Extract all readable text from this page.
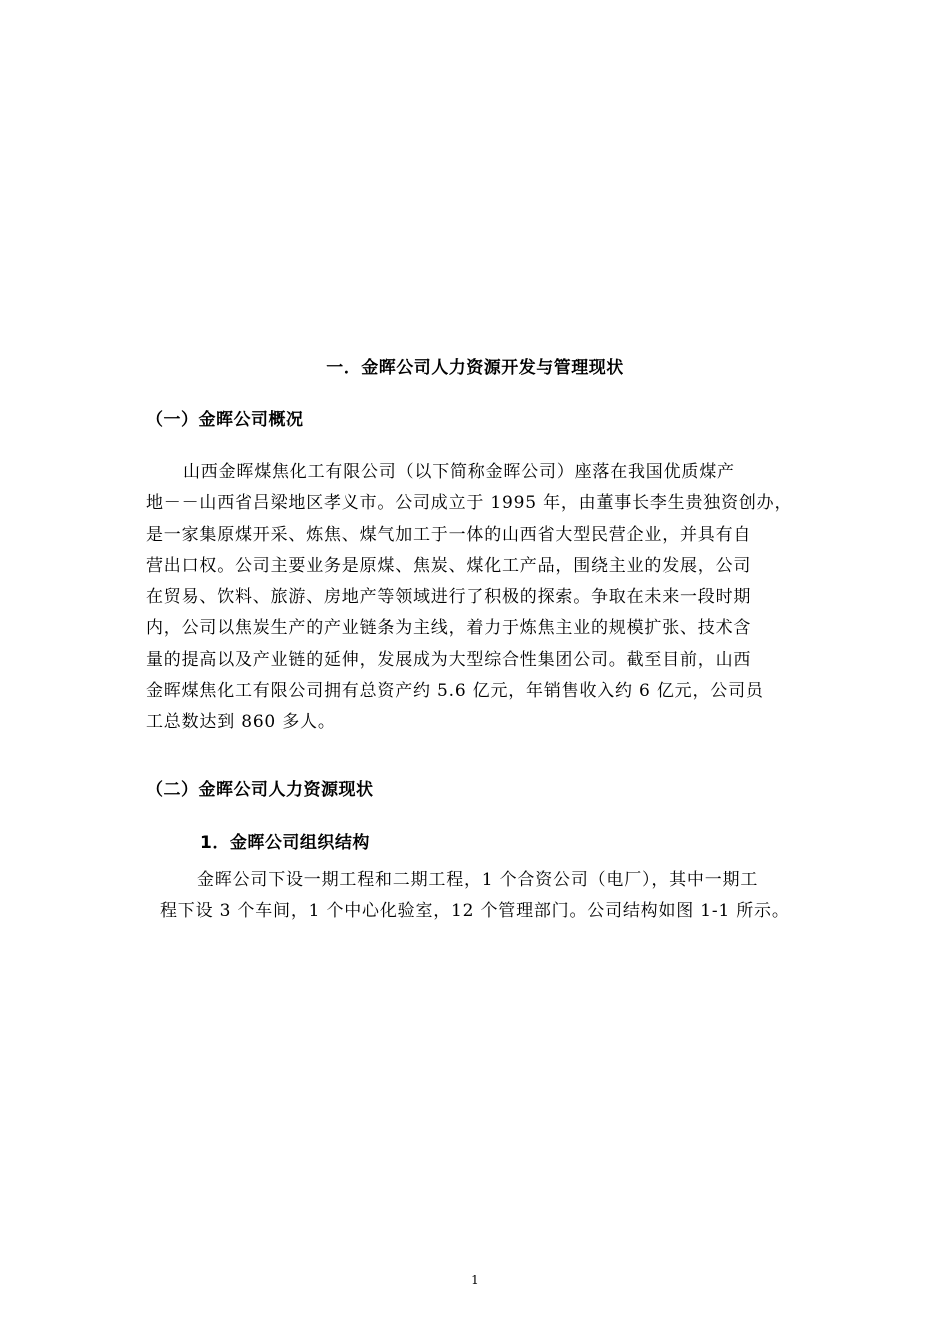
一．金晖公司人力资源开发与管理现状
（一）金晖公司概况
山西金晖煤焦化工有限公司（以下简称金晖公司）座落在我国优质煤产
地－－山西省吕梁地区孝义市。公司成立于 1995 年，由董事长李生贵独资创办，
是一家集原煤开采、炼焦、煤气加工于一体的山西省大型民营企业，并具有自
营出口权。公司主要业务是原煤、焦炭、煤化工产品，围绕主业的发展，公司
在贸易、饮料、旅游、房地产等领域进行了积极的探索。争取在未来一段时期
内，公司以焦炭生产的产业链条为主线，着力于炼焦主业的规模扩张、技术含
量的提高以及产业链的延伸，发展成为大型综合性集团公司。截至目前，山西
金晖煤焦化工有限公司拥有总资产约 5.6 亿元，年销售收入约 6 亿元，公司员
工总数达到 860 多人。
（二）金晖公司人力资源现状
1．金晖公司组织结构
金晖公司下设一期工程和二期工程，1 个合资公司（电厂），其中一期工
程下设 3 个车间，1 个中心化验室，12 个管理部门。公司结构如图 1-1 所示。
1
